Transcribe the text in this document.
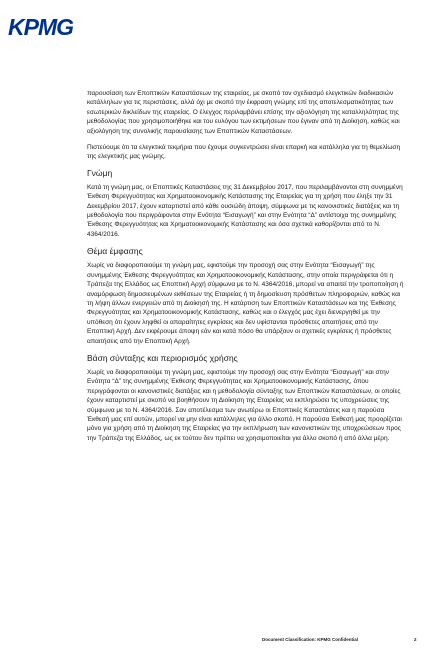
KPMG

παρουσίαση των Εποπτικών Καταστάσεων της εταιρείας, με σκοπό τον σχεδιασμό ελεγκτικών διαδικασιών κατάλληλων για τις περιστάσεις, αλλά όχι με σκοπό την έκφραση γνώμης επί της αποτελεσματικότητας των εσωτερικών δικλείδων της εταιρείας. Ο έλεγχος περιλαμβάνει επίσης την αξιολόγηση της καταλληλότητας της μεθοδολογίας που χρησιμοποιήθηκε και του ευλόγου των εκτιμήσεων που έγιναν από τη Διοίκηση, καθώς και αξιολόγηση της συνολικής παρουσίασης των Εποπτικών Καταστάσεων.

Πιστεύουμε ότι τα ελεγκτικά τεκμήρια που έχουμε συγκεντρώσει είναι επαρκή και κατάλληλα για τη θεμελίωση της ελεγκτικής μας γνώμης.

Γνώμη

Κατά τη γνώμη μας, οι Εποπτικές Καταστάσεις της 31 Δεκεμβρίου 2017, που περιλαμβάνονται στη συνημμένη Έκθεση Φερεγγυότητας και Χρηματοοικονομικής Κατάστασης της Εταιρείας για τη χρήση που έληξε την 31 Δεκεμβρίου 2017, έχουν καταρτιστεί από κάθε ουσιώδη άποψη, σύμφωνα με τις κανονιστικές διατάξεις και τη μεθοδολογία που περιγράφονται στην Ενότητα “Εισαγωγή” και στην Ενότητα “Δ” αντίστοιχα της συνημμένης Έκθεσης Φερεγγυότητας και Χρηματοοικονομικής Κατάστασης και όσα σχετικά καθορίζονται από το Ν. 4364/2016.

Θέμα έμφασης

Χωρίς να διαφοροποιούμε τη γνώμη μας, εφιστούμε την προσοχή σας στην Ενότητα “Εισαγωγή” της συνημμένης Έκθεσης Φερεγγυότητας και Χρηματοοικονομικής Κατάστασης, στην οποία περιγράφεται ότι η Τράπεζα της Ελλάδος ως Εποπτική Αρχή σύμφωνα με το Ν. 4364/2016, μπορεί να απαιτεί την τροποποίηση ή αναμόρφωση δημοσιευμένων εκθέσεων της Εταιρείας ή τη δημοσίευση πρόσθετων πληροφοριών, καθώς και τη λήψη άλλων ενεργειών από τη Διοίκησή της. Η κατάρτιση των Εποπτικών Καταστάσεων και της Έκθεσης Φερεγγυότητας και Χρηματοοικονομικής Κατάστασης, καθώς και ο έλεγχός μας έχει διενεργηθεί με την υπόθεση ότι έχουν ληφθεί οι απαραίτητες εγκρίσεις και δεν υφίστανται πρόσθετες απαιτήσεις από την Εποπτική Αρχή. Δεν εκφέρουμε άποψη εάν και κατά πόσο θα υπάρξουν οι σχετικές εγκρίσεις ή πρόσθετες απαιτήσεις από την Εποπτική Αρχή.

Βάση σύνταξης και περιορισμός χρήσης

Χωρίς να διαφοροποιούμε τη γνώμη μας, εφιστούμε την προσοχή σας στην Ενότητα “Εισαγωγή” και στην Ενότητα “Δ” της συνημμένης Έκθεσης Φερεγγυότητας και Χρηματοοικονομικής Κατάστασης, όπου περιγράφονται οι κανονιστικές διατάξεις και η μεθοδολογία σύνταξης των Εποπτικών Καταστάσεων, οι οποίες έχουν καταρτιστεί με σκοπό να βοηθήσουν τη Διοίκηση της Εταιρείας να εκπληρώσει τις υποχρεώσεις της σύμφωνα με το Ν. 4364/2016. Σαν αποτέλεσμα των ανωτέρω οι Εποπτικές Καταστάσεις και η παρούσα Έκθεσή μας επί αυτών, μπορεί να μην είναι κατάλληλες για άλλο σκοπό. Η παρούσα Έκθεσή μας προορίζεται μόνο για χρήση από τη Διοίκηση της Εταιρείας για την εκπλήρωση των κανονιστικών της υποχρεώσεων προς την Τράπεζα της Ελλάδος, ως εκ τούτου δεν πρέπει να χρησιμοποιείται για άλλο σκοπό ή από άλλα μέρη.

Document Classification: KPMG Confidential	2
